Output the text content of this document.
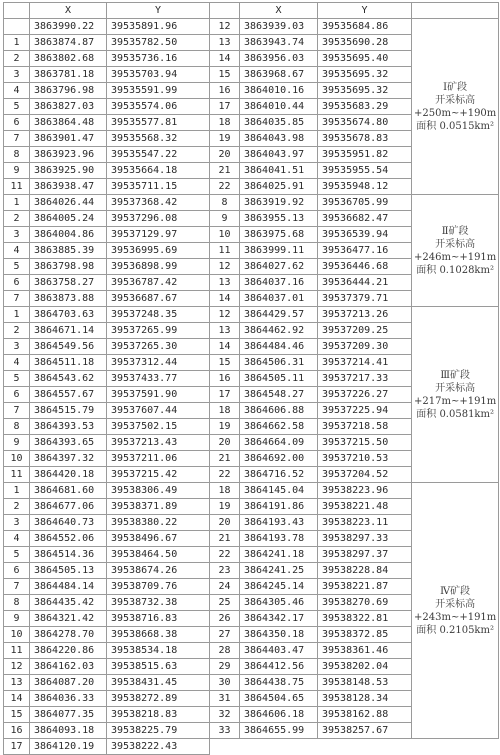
	X	Y		X	Y	
	3863990.22	39535891.96	12	3863939.03	39535684.86	Ⅰ矿段
开采标高
+250m~+190m
面积 0.0515km²

1	3863874.87	39535782.50	13	3863943.74	39535690.28	
2	3863802.68	39535736.16	14	3863956.03	39535695.40	
3	3863781.18	39535703.94	15	3863968.67	39535695.32	
4	3863796.98	39535591.99	16	3864010.16	39535695.32	
5	3863827.03	39535574.06	17	3864010.44	39535683.29	
6	3863864.48	39535577.81	18	3864035.85	39535674.80	
7	3863901.47	39535568.32	19	3864043.98	39535678.83	
8	3863923.96	39535547.22	20	3864043.97	39535951.82	
9	3863925.90	39535664.18	21	3864041.51	39535955.54	
11	3863938.47	39535711.15	22	3864025.91	39535948.12	
1	3864026.44	39537368.42	8	3863919.92	39536705.99	Ⅱ矿段
开采标高
+246m~+191m
面积 0.1028km²

2	3864005.24	39537296.08	9	3863955.13	39536682.47	
3	3864004.86	39537129.97	10	3863975.68	39536539.94	
4	3863885.39	39536995.69	11	3863999.11	39536477.16	
5	3863798.98	39536898.99	12	3864027.62	39536446.68	
6	3863758.27	39536787.42	13	3864037.16	39536444.21	
7	3863873.88	39536687.67	14	3864037.01	39537379.71	
1	3864703.63	39537248.35	12	3864429.57	39537213.26	Ⅲ矿段
开采标高
+217m~+191m
面积 0.0581km²

2	3864671.14	39537265.99	13	3864462.92	39537209.25	
3	3864549.56	39537265.30	14	3864484.46	39537209.30	
4	3864511.18	39537312.44	15	3864506.31	39537214.41	
5	3864543.62	39537433.77	16	3864505.11	39537217.33	
6	3864557.67	39537591.90	17	3864548.27	39537226.27	
7	3864515.79	39537607.44	18	3864606.88	39537225.94	
8	3864393.53	39537502.15	19	3864662.58	39537218.58	
9	3864393.65	39537213.43	20	3864664.09	39537215.50	
10	3864397.32	39537211.06	21	3864692.00	39537210.53	
11	3864420.18	39537215.42	22	3864716.52	39537204.52	
1	3864681.60	39538306.49	18	3864145.04	39538223.96	Ⅳ矿段
开采标高
+243m~+191m
面积 0.2105km²

2	3864677.06	39538371.89	19	3864191.86	39538221.48	
3	3864640.73	39538380.22	20	3864193.43	39538223.11	
4	3864552.06	39538496.67	21	3864193.78	39538297.33	
5	3864514.36	39538464.50	22	3864241.18	39538297.37	
6	3864505.13	39538674.26	23	3864241.25	39538228.84	
7	3864484.14	39538709.76	24	3864245.14	39538221.87	
8	3864435.42	39538732.38	25	3864305.46	39538270.69	
9	3864321.42	39538716.83	26	3864342.17	39538322.81	
10	3864278.70	39538668.38	27	3864350.18	39538372.85	
11	3864220.86	39538534.18	28	3864403.47	39538361.46	
12	3864162.03	39538515.63	29	3864412.56	39538202.04	
13	3864087.20	39538431.45	30	3864438.75	39538148.53	
14	3864036.33	39538272.89	31	3864504.65	39538128.34	
15	3864077.35	39538218.83	32	3864606.18	39538162.88	
16	3864093.18	39538225.79	33	3864655.99	39538257.67	
17	3864120.19	39538222.43				
